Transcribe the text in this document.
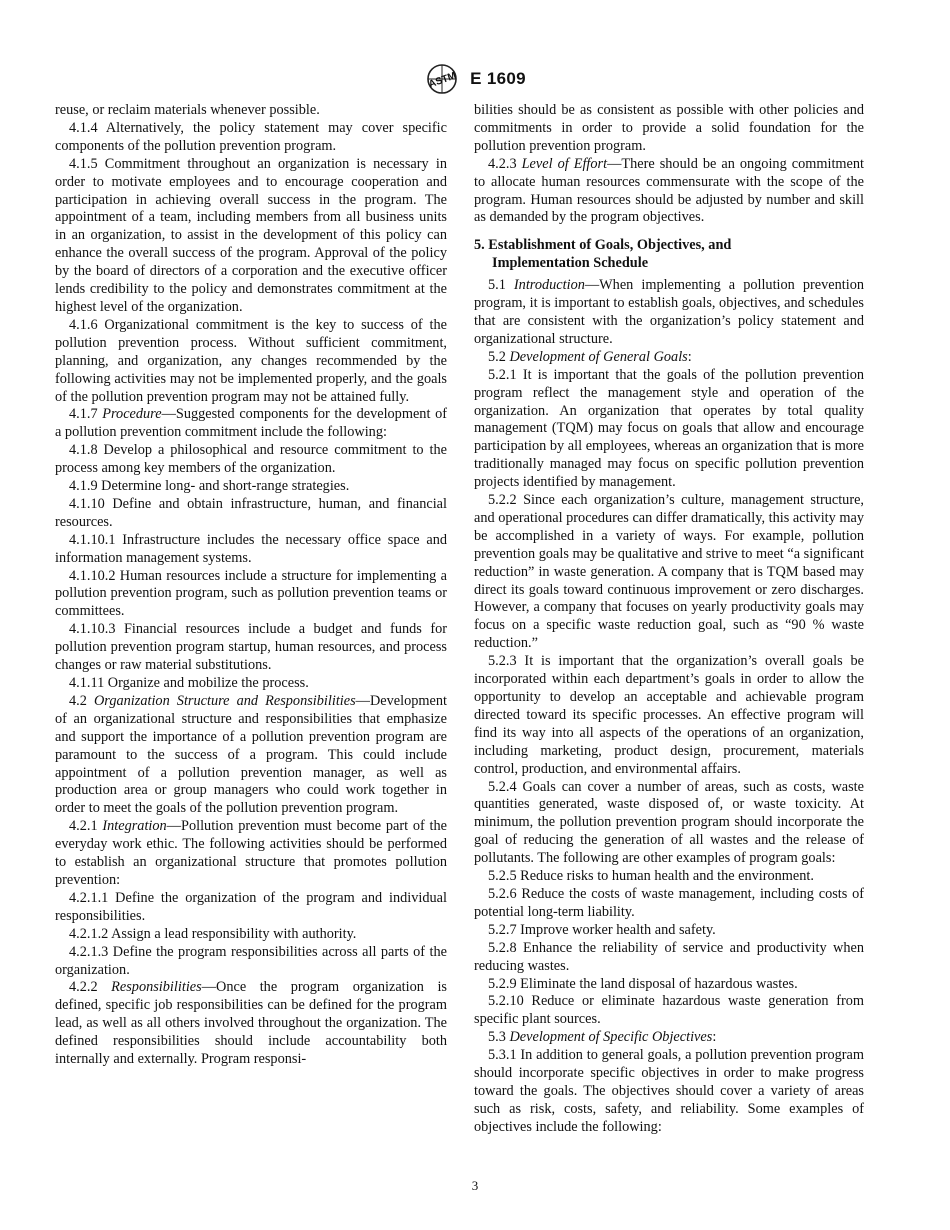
ASTM E 1609

reuse, or reclaim materials whenever possible.

4.1.4 Alternatively, the policy statement may cover specific components of the pollution prevention program.

4.1.5 Commitment throughout an organization is necessary in order to motivate employees and to encourage cooperation and participation in achieving overall success in the program. The appointment of a team, including members from all business units in an organization, to assist in the development of this policy can enhance the overall success of the program. Approval of the policy by the board of directors of a corporation and the executive officer lends credibility to the policy and demonstrates commitment at the highest level of the organization.

4.1.6 Organizational commitment is the key to success of the pollution prevention process. Without sufficient commitment, planning, and organization, any changes recommended by the following activities may not be implemented properly, and the goals of the pollution prevention program may not be attained fully.

4.1.7 Procedure—Suggested components for the development of a pollution prevention commitment include the following:

4.1.8 Develop a philosophical and resource commitment to the process among key members of the organization.

4.1.9 Determine long- and short-range strategies.

4.1.10 Define and obtain infrastructure, human, and financial resources.

4.1.10.1 Infrastructure includes the necessary office space and information management systems.

4.1.10.2 Human resources include a structure for implementing a pollution prevention program, such as pollution prevention teams or committees.

4.1.10.3 Financial resources include a budget and funds for pollution prevention program startup, human resources, and process changes or raw material substitutions.

4.1.11 Organize and mobilize the process.

4.2 Organization Structure and Responsibilities—Development of an organizational structure and responsibilities that emphasize and support the importance of a pollution prevention program are paramount to the success of a program. This could include appointment of a pollution prevention manager, as well as production area or group managers who could work together in order to meet the goals of the pollution prevention program.

4.2.1 Integration—Pollution prevention must become part of the everyday work ethic. The following activities should be performed to establish an organizational structure that promotes pollution prevention:

4.2.1.1 Define the organization of the program and individual responsibilities.

4.2.1.2 Assign a lead responsibility with authority.

4.2.1.3 Define the program responsibilities across all parts of the organization.

4.2.2 Responsibilities—Once the program organization is defined, specific job responsibilities can be defined for the program lead, as well as all others involved throughout the organization. The defined responsibilities should include accountability both internally and externally. Program responsi-

bilities should be as consistent as possible with other policies and commitments in order to provide a solid foundation for the pollution prevention program.

4.2.3 Level of Effort—There should be an ongoing commitment to allocate human resources commensurate with the scope of the program. Human resources should be adjusted by number and skill as demanded by the program objectives.

5. Establishment of Goals, Objectives, and

Implementation Schedule

5.1 Introduction—When implementing a pollution prevention program, it is important to establish goals, objectives, and schedules that are consistent with the organization’s policy statement and organizational structure.

5.2 Development of General Goals:

5.2.1 It is important that the goals of the pollution prevention program reflect the management style and operation of the organization. An organization that operates by total quality management (TQM) may focus on goals that allow and encourage participation by all employees, whereas an organization that is more traditionally managed may focus on specific pollution prevention projects identified by management.

5.2.2 Since each organization’s culture, management structure, and operational procedures can differ dramatically, this activity may be accomplished in a variety of ways. For example, pollution prevention goals may be qualitative and strive to meet “a significant reduction” in waste generation. A company that is TQM based may direct its goals toward continuous improvement or zero discharges. However, a company that focuses on yearly productivity goals may focus on a specific waste reduction goal, such as “90 % waste reduction.”

5.2.3 It is important that the organization’s overall goals be incorporated within each department’s goals in order to allow the opportunity to develop an acceptable and achievable program directed toward its specific processes. An effective program will find its way into all aspects of the operations of an organization, including marketing, product design, procurement, materials control, production, and environmental affairs.

5.2.4 Goals can cover a number of areas, such as costs, waste quantities generated, waste disposed of, or waste toxicity. At minimum, the pollution prevention program should incorporate the goal of reducing the generation of all wastes and the release of pollutants. The following are other examples of program goals:

5.2.5 Reduce risks to human health and the environment.

5.2.6 Reduce the costs of waste management, including costs of potential long-term liability.

5.2.7 Improve worker health and safety.

5.2.8 Enhance the reliability of service and productivity when reducing wastes.

5.2.9 Eliminate the land disposal of hazardous wastes.

5.2.10 Reduce or eliminate hazardous waste generation from specific plant sources.

5.3 Development of Specific Objectives:

5.3.1 In addition to general goals, a pollution prevention program should incorporate specific objectives in order to make progress toward the goals. The objectives should cover a variety of areas such as risk, costs, safety, and reliability. Some examples of objectives include the following:

3
